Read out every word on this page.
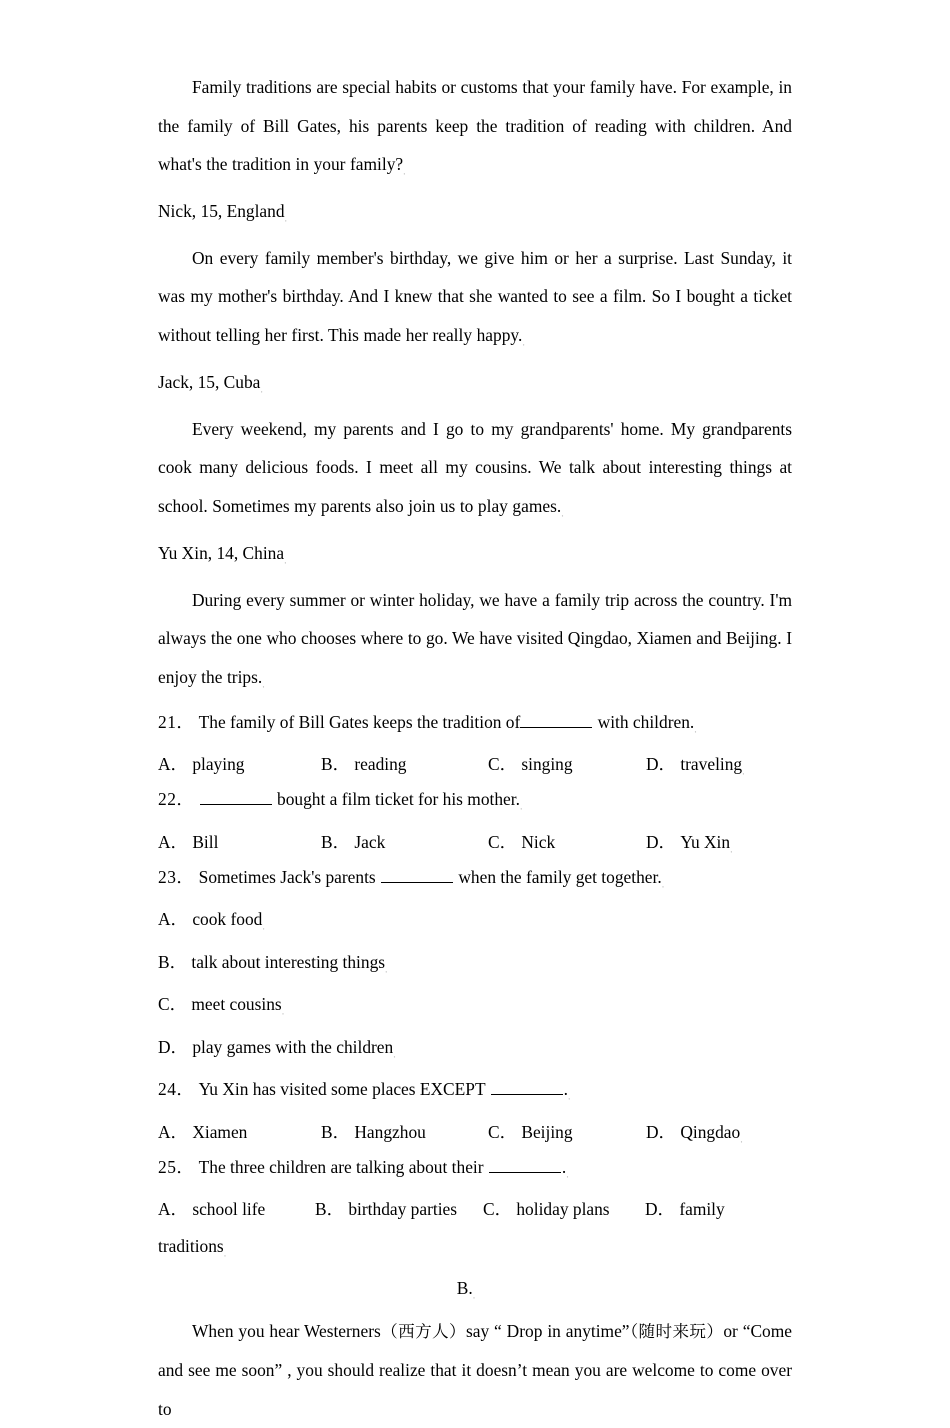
Family traditions are special habits or customs that your family have. For example, in the family of Bill Gates, his parents keep the tradition of reading with children. And what's the tradition in your $family?_.$

Nick, 15, England$_.$

On every family member's birthday, we give him or her a surprise. Last Sunday, it was my mother's birthday. And I knew that she wanted to see a film. So I bought a ticket without telling her first. This made her really $happy._.$

Jack, 15, Cuba$_.$

Every weekend, my parents and I go to my grandparents' home. My grandparents cook many delicious foods. I meet all my cousins. We talk about interesting things at school. Sometimes my parents also join us to play $games._.$

Yu Xin, 14, China$_.$

During every summer or winter holiday, we have a family trip across the country. I'm always the one who chooses where to go. We have visited Qingdao, Xiamen and Beijing. I enjoy the $trips._.$

21． The family of Bill Gates keeps the tradition of	with $children._.$

A． playing	B． reading	C． singing	D． traveling$_.$

22．	bought a film ticket for his $mother._.$

A． Bill	B． Jack	C． Nick	D． Yu Xin$_.$

23． Sometimes Jack's parents	when the family get $together._.$

A． cook food$_.$

B． talk about interesting things$_.$

C． meet cousins$_.$

D． play games with the children$_.$

24． Yu Xin has visited some places EXCEPT	$._.$

A． Xiamen	B． Hangzhou	C． Beijing	D． Qingdao$_.$

25． The three children are talking about their	$._.$

A． school life	B． birthday parties C． holiday plans D． family

traditions$_.$

$B._.$

When you hear Westerners（西方人）say “ Drop in anytime”（随时来玩）or “Come and see me soon” , you should realize that it doesn’t mean you are welcome to come over to
